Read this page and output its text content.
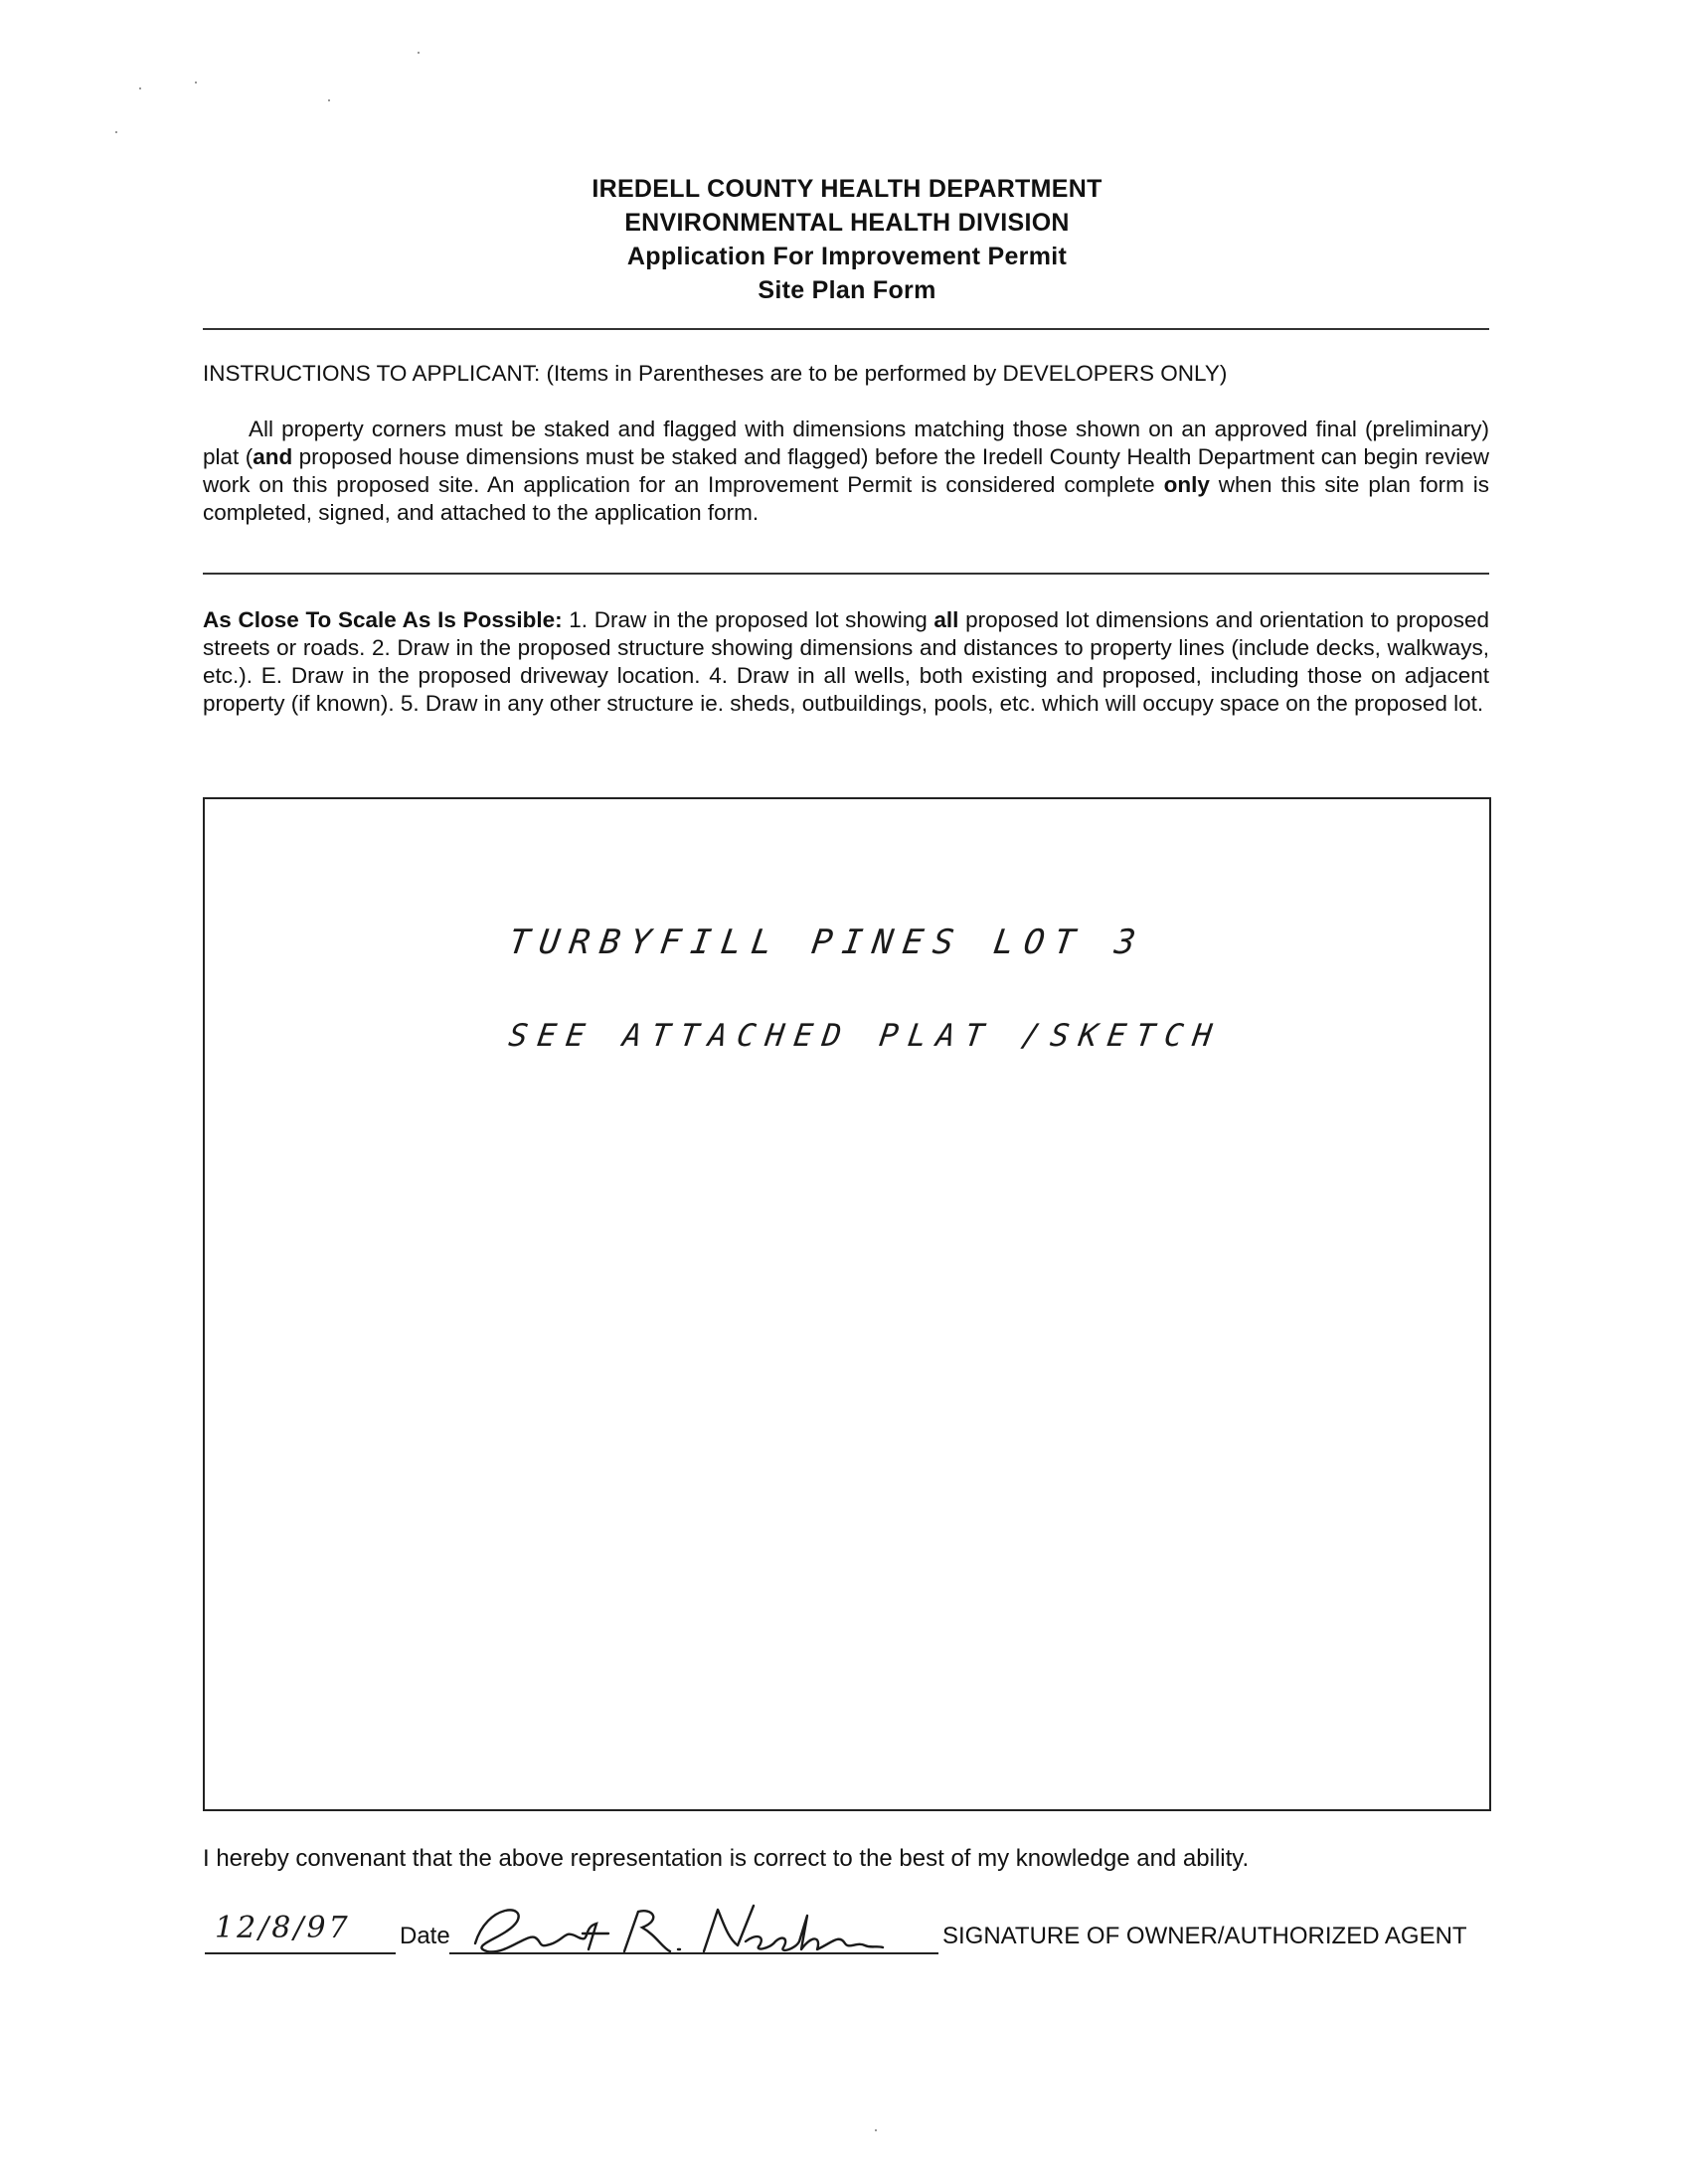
IREDELL COUNTY HEALTH DEPARTMENT
ENVIRONMENTAL HEALTH DIVISION
Application For Improvement Permit
Site Plan Form
INSTRUCTIONS TO APPLICANT: (Items in Parentheses are to be performed by DEVELOPERS ONLY)
All property corners must be staked and flagged with dimensions matching those shown on an approved final (preliminary) plat (and proposed house dimensions must be staked and flagged) before the Iredell County Health Department can begin review work on this proposed site. An application for an Improvement Permit is considered complete only when this site plan form is completed, signed, and attached to the application form.
As Close To Scale As Is Possible: 1. Draw in the proposed lot showing all proposed lot dimensions and orientation to proposed streets or roads. 2. Draw in the proposed structure showing dimensions and distances to property lines (include decks, walkways, etc.). E. Draw in the proposed driveway location. 4. Draw in all wells, both existing and proposed, including those on adjacent property (if known). 5. Draw in any other structure ie. sheds, outbuildings, pools, etc. which will occupy space on the proposed lot.
TURBYFILL PINES LOT 3
SEE ATTACHED PLAT /SKETCH
I hereby convenant that the above representation is correct to the best of my knowledge and ability.
12/8/97 Date	SIGNATURE OF OWNER/AUTHORIZED AGENT
